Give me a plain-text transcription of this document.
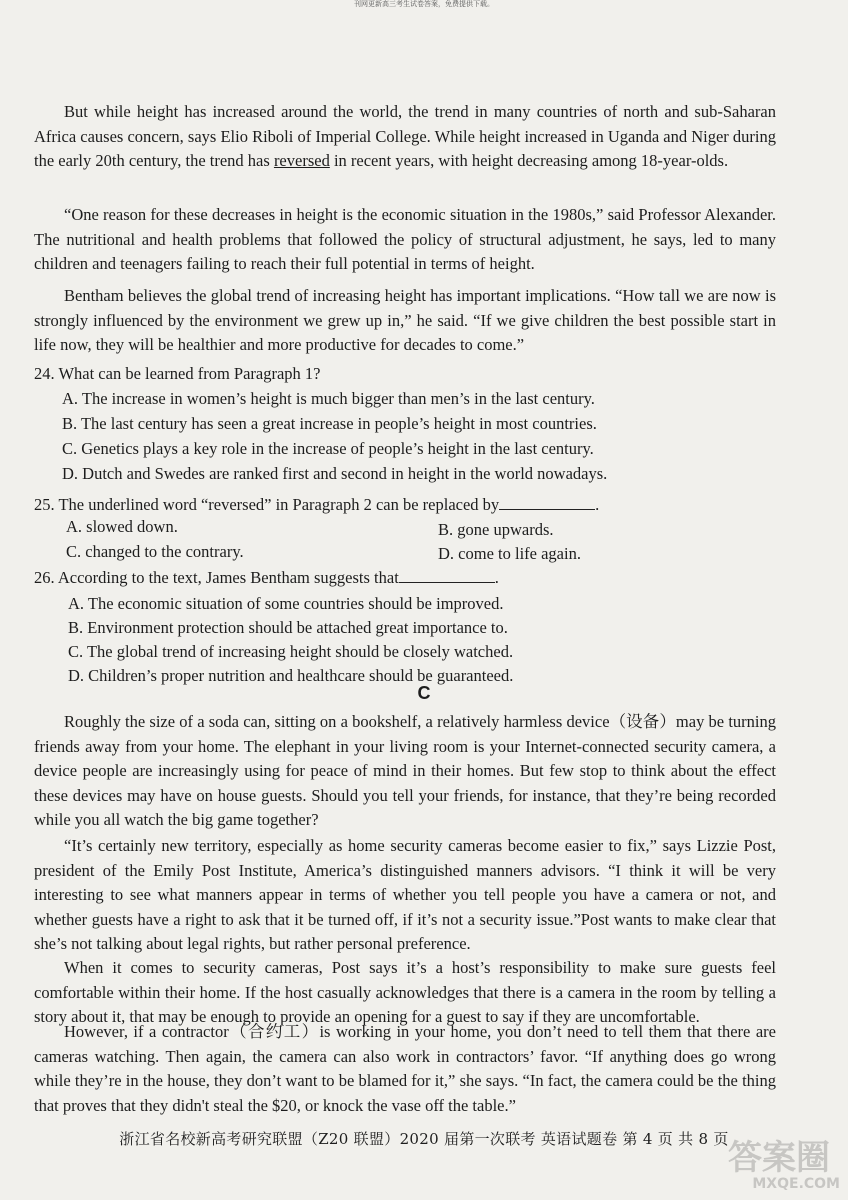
刊网更新高三考生试卷答案，免费提供下载。

But while height has increased around the world, the trend in many countries of north and sub-Saharan Africa causes concern, says Elio Riboli of Imperial College. While height increased in Uganda and Niger during the early 20th century, the trend has reversed in recent years, with height decreasing among 18-year-olds.

“One reason for these decreases in height is the economic situation in the 1980s,” said Professor Alexander. The nutritional and health problems that followed the policy of structural adjustment, he says, led to many children and teenagers failing to reach their full potential in terms of height.

Bentham believes the global trend of increasing height has important implications. “How tall we are now is strongly influenced by the environment we grew up in,” he said. “If we give children the best possible start in life now, they will be healthier and more productive for decades to come.”

24. What can be learned from Paragraph 1?

A. The increase in women’s height is much bigger than men’s in the last century.

B. The last century has seen a great increase in people’s height in most countries.

C. Genetics plays a key role in the increase of people’s height in the last century.

D. Dutch and Swedes are ranked first and second in height in the world nowadays.

25. The underlined word “reversed” in Paragraph 2 can be replaced by	.

A. slowed down.	B. gone upwards.

C. changed to the contrary.	D. come to life again.

26. According to the text, James Bentham suggests that	.

A. The economic situation of some countries should be improved.

B. Environment protection should be attached great importance to.

C. The global trend of increasing height should be closely watched.

D. Children’s proper nutrition and healthcare should be guaranteed.

C

Roughly the size of a soda can, sitting on a bookshelf, a relatively harmless device（设备）may be turning friends away from your home. The elephant in your living room is your Internet-connected security camera, a device people are increasingly using for peace of mind in their homes. But few stop to think about the effect these devices may have on house guests. Should you tell your friends, for instance, that they’re being recorded while you all watch the big game together?

“It’s certainly new territory, especially as home security cameras become easier to fix,” says Lizzie Post, president of the Emily Post Institute, America’s distinguished manners advisors. “I think it will be very interesting to see what manners appear in terms of whether you tell people you have a camera or not, and whether guests have a right to ask that it be turned off, if it’s not a security issue.”Post wants to make clear that she’s not talking about legal rights, but rather personal preference.

When it comes to security cameras, Post says it’s a host’s responsibility to make sure guests feel comfortable within their home. If the host casually acknowledges that there is a camera in the room by telling a story about it, that may be enough to provide an opening for a guest to say if they are uncomfortable.

However, if a contractor（合约工）is working in your home, you don’t need to tell them that there are cameras watching. Then again, the camera can also work in contractors’ favor. “If anything does go wrong while they’re in the house, they don’t want to be blamed for it,” she says. “In fact, the camera could be the thing that proves that they didn't steal the $20, or knock the vase off the table.”

浙江省名校新高考研究联盟（Z20 联盟）2020 届第一次联考 英语试题卷 第 4 页 共 8 页 答案圈
MXQE.COM
